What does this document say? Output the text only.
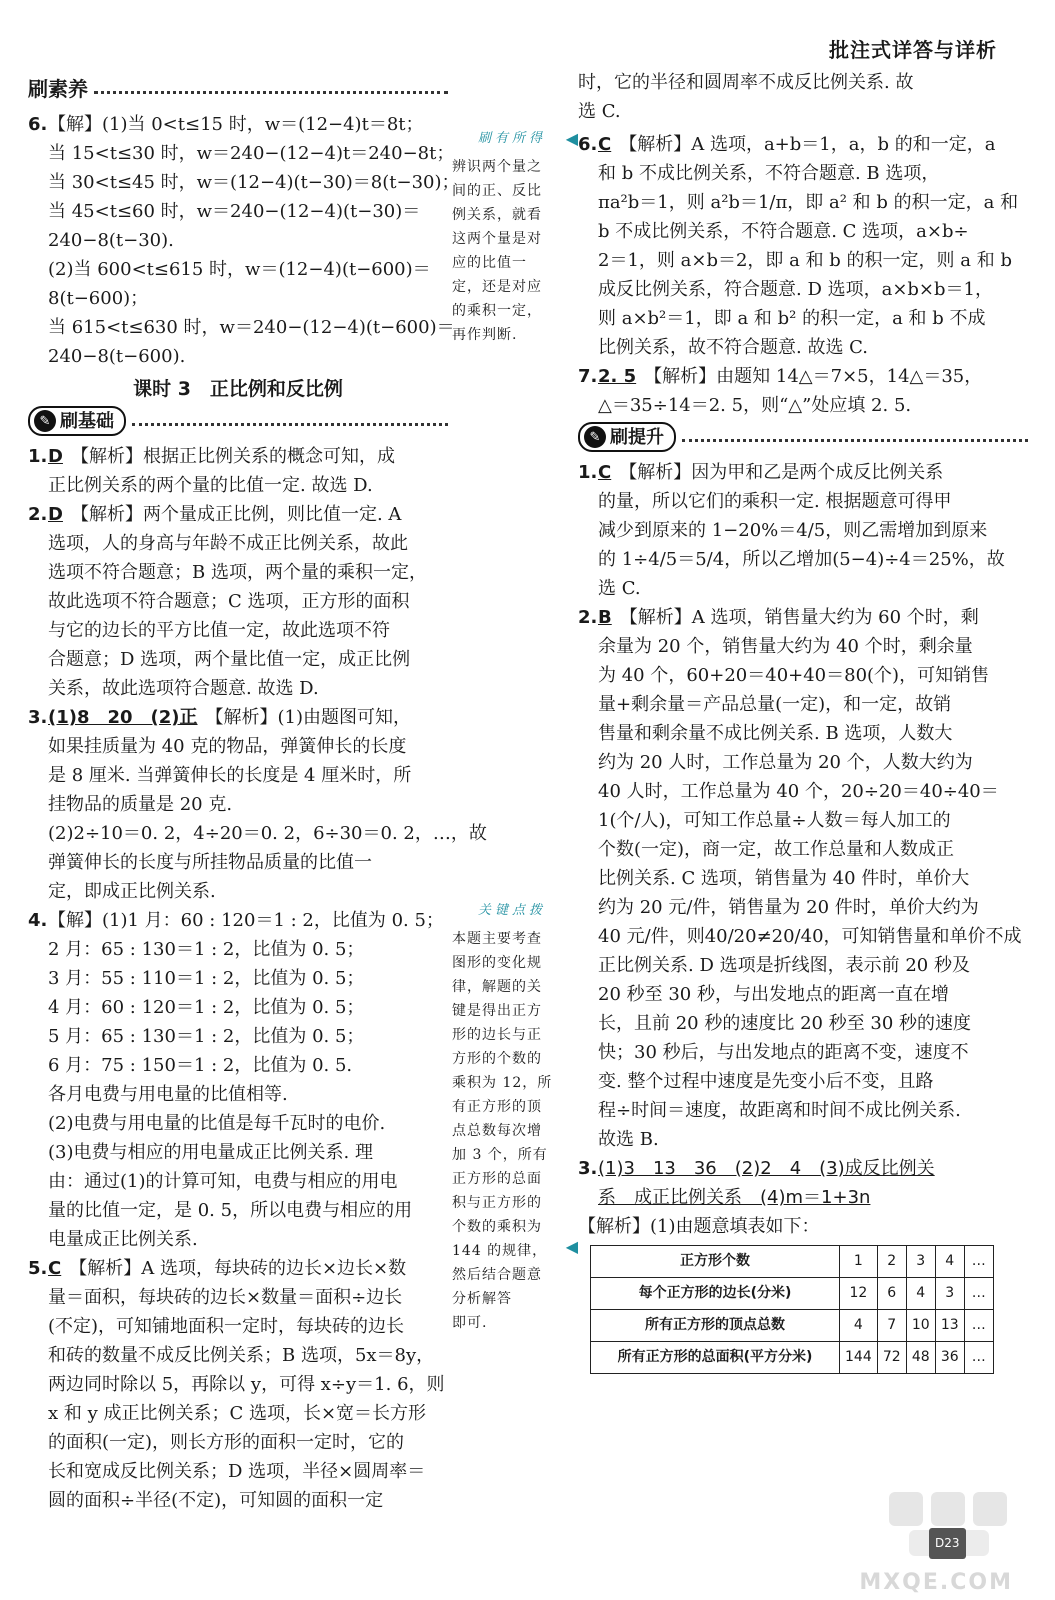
批注式详答与详析
刷素养
6. 【解】(1)当 0<t≤15 时，w＝(12−4)t＝8t；
当 15<t≤30 时，w＝240−(12−4)t＝240−8t；
当 30<t≤45 时，w＝(12−4)(t−30)＝8(t−30)；
当 45<t≤60 时，w＝240−(12−4)(t−30)＝
240−8(t−30).
(2)当 600<t≤615 时，w＝(12−4)(t−600)＝
8(t−600)；
当 615<t≤630 时，w＝240−(12−4)(t−600)＝
240−8(t−600).
课时 3　正比例和反比例
✎ 刷基础
1. D 【解析】根据正比例关系的概念可知，成
正比例关系的两个量的比值一定. 故选 D.
2. D 【解析】两个量成正比例，则比值一定. A
选项，人的身高与年龄不成正比例关系，故此
选项不符合题意；B 选项，两个量的乘积一定，
故此选项不符合题意；C 选项，正方形的面积
与它的边长的平方比值一定，故此选项不符
合题意；D 选项，两个量比值一定，成正比例
关系，故此选项符合题意. 故选 D.
3. (1)8　20　(2)正 【解析】(1)由题图可知，
如果挂质量为 40 克的物品，弹簧伸长的长度
是 8 厘米. 当弹簧伸长的长度是 4 厘米时，所
挂物品的质量是 20 克.
(2)2÷10＝0. 2，4÷20＝0. 2，6÷30＝0. 2，…，故
弹簧伸长的长度与所挂物品质量的比值一
定，即成正比例关系.
4. 【解】(1)1 月：60 : 120＝1 : 2，比值为 0. 5；
2 月：65 : 130＝1 : 2，比值为 0. 5；
3 月：55 : 110＝1 : 2，比值为 0. 5；
4 月：60 : 120＝1 : 2，比值为 0. 5；
5 月：65 : 130＝1 : 2，比值为 0. 5；
6 月：75 : 150＝1 : 2，比值为 0. 5.
各月电费与用电量的比值相等.
(2)电费与用电量的比值是每千瓦时的电价.
(3)电费与相应的用电量成正比例关系. 理
由：通过(1)的计算可知，电费与相应的用电
量的比值一定，是 0. 5，所以电费与相应的用
电量成正比例关系.
5. C 【解析】A 选项，每块砖的边长×边长×数
量＝面积，每块砖的边长×数量＝面积÷边长
(不定)，可知铺地面积一定时，每块砖的边长
和砖的数量不成反比例关系；B 选项，5x＝8y，
两边同时除以 5，再除以 y，可得 x÷y＝1. 6，则
x 和 y 成正比例关系；C 选项，长×宽＝长方形
的面积(一定)，则长方形的面积一定时，它的
长和宽成反比例关系；D 选项，半径×圆周率＝
圆的面积÷半径(不定)，可知圆的面积一定
刷有所得	◀
辨识两个量之
间的正、反比
例关系，就看
这两个量是对
应的比值一
定，还是对应
的乘积一定，
再作判断.
关键点拨
本题主要考查
图形的变化规
律，解题的关
键是得出正方
形的边长与正
方形的个数的
乘积为 12，所
有正方形的顶
点总数每次增
加 3 个，所有
正方形的总面
积与正方形的
个数的乘积为
144 的规律，	◀
然后结合题意
分析解答
即可.
时，它的半径和圆周率不成反比例关系. 故
选 C.
6. C 【解析】A 选项，a+b＝1，a，b 的和一定，a
和 b 不成比例关系，不符合题意. B 选项，
πa²b＝1，则 a²b＝1/π，即 a² 和 b 的积一定，a 和
b 不成比例关系，不符合题意. C 选项，a×b÷
2＝1，则 a×b＝2，即 a 和 b 的积一定，则 a 和 b
成反比例关系，符合题意. D 选项，a×b×b＝1，
则 a×b²＝1，即 a 和 b² 的积一定，a 和 b 不成
比例关系，故不符合题意. 故选 C.
7. 2. 5 【解析】由题知 14△＝7×5，14△＝35，
△＝35÷14＝2. 5，则“△”处应填 2. 5.
✎ 刷提升
1. C 【解析】因为甲和乙是两个成反比例关系
的量，所以它们的乘积一定. 根据题意可得甲
减少到原来的 1−20%＝4/5，则乙需增加到原来
的 1÷4/5＝5/4，所以乙增加(5−4)÷4＝25%，故
选 C.
2. B 【解析】A 选项，销售量大约为 60 个时，剩
余量为 20 个，销售量大约为 40 个时，剩余量
为 40 个，60+20＝40+40＝80(个)，可知销售
量+剩余量＝产品总量(一定)，和一定，故销
售量和剩余量不成比例关系. B 选项，人数大
约为 20 人时，工作总量为 20 个，人数大约为
40 人时，工作总量为 40 个，20÷20＝40÷40＝
1(个/人)，可知工作总量÷人数＝每人加工的
个数(一定)，商一定，故工作总量和人数成正
比例关系. C 选项，销售量为 40 件时，单价大
约为 20 元/件，销售量为 20 件时，单价大约为
40 元/件，则40/20≠20/40，可知销售量和单价不成
正比例关系. D 选项是折线图，表示前 20 秒及
20 秒至 30 秒，与出发地点的距离一直在增
长，且前 20 秒的速度比 20 秒至 30 秒的速度
快；30 秒后，与出发地点的距离不变，速度不
变. 整个过程中速度是先变小后不变，且路
程÷时间＝速度，故距离和时间不成比例关系.
故选 B.
3. (1)3　13　36　(2)2　4　(3)成反比例关
系　成正比例关系　(4)m＝1+3n
【解析】(1)由题意填表如下：
正方形个数	1	2	3	4	…
每个正方形的边长(分米)	12	6	4	3	…
所有正方形的顶点总数	4	7	10	13	…
所有正方形的总面积(平方分米)	144	72	48	36	…
D23
MXQE.COM
